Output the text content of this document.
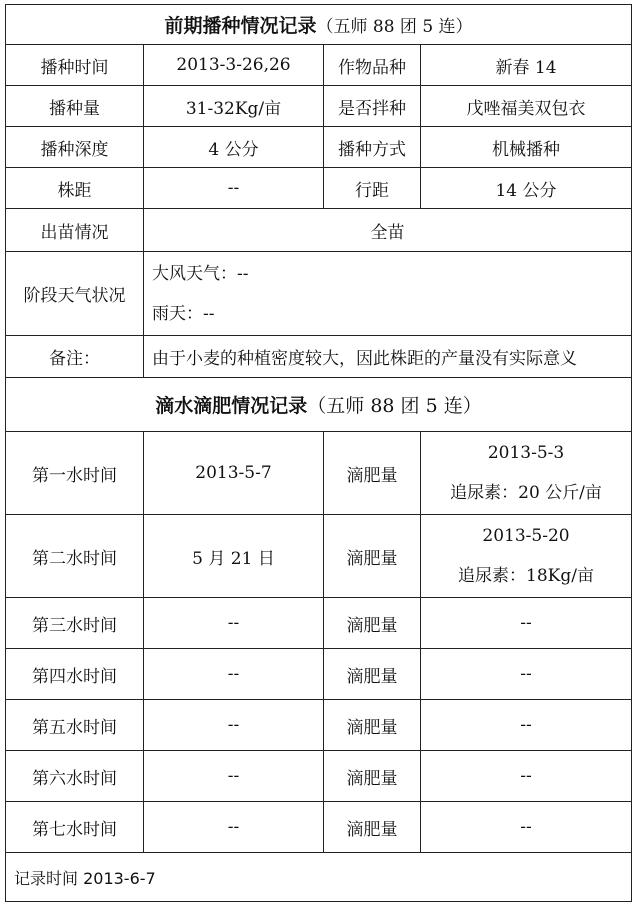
前期播种情况记录（五师 88 团 5 连）			
播种时间	2013-3-26,26	作物品种	新春 14
播种量	31-32Kg/亩	是否拌种	戊唑福美双包衣
播种深度	4 公分	播种方式	机械播种
株距	--	行距	14 公分
出苗情况	全苗		
阶段天气状况	大风天气：--
雨天：--		

备注：	由于小麦的种植密度较大，因此株距的产量没有实际意义		
滴水滴肥情况记录（五师 88 团 5 连）			
第一水时间	2013-5-7	滴肥量	2013-5-3
追尿素：20 公斤/亩

第二水时间	5 月 21 日	滴肥量	2013-5-20
追尿素：18Kg/亩

第三水时间	--	滴肥量	--
第四水时间	--	滴肥量	--
第五水时间	--	滴肥量	--
第六水时间	--	滴肥量	--
第七水时间	--	滴肥量	--
记录时间 2013-6-7			
